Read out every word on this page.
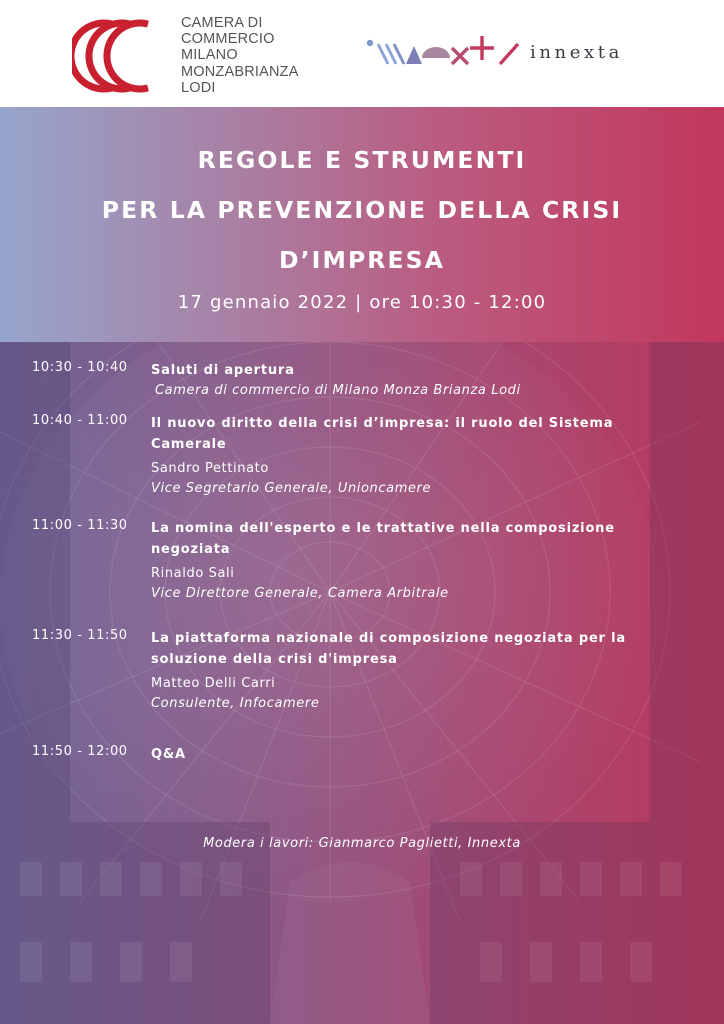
CAMERA DI
COMMERCIO
MILANO
MONZABRIANZA
LODI
innexta
REGOLE E STRUMENTI
PER LA PREVENZIONE DELLA CRISI
D’IMPRESA
17 gennaio 2022 | ore 10:30 - 12:00
10:30 - 10:40 Saluti di apertura
Camera di commercio di Milano Monza Brianza Lodi
10:40 - 11:00 Il nuovo diritto della crisi d’impresa: il ruolo del Sistema
Camerale
Sandro Pettinato
Vice Segretario Generale, Unioncamere
11:00 - 11:30 La nomina dell'esperto e le trattative nella composizione
negoziata
Rinaldo Sali
Vice Direttore Generale, Camera Arbitrale
11:30 - 11:50 La piattaforma nazionale di composizione negoziata per la
soluzione della crisi d'impresa
Matteo Delli Carri
Consulente, Infocamere
11:50 - 12:00 Q&A
Modera i lavori: Gianmarco Paglietti, Innexta
